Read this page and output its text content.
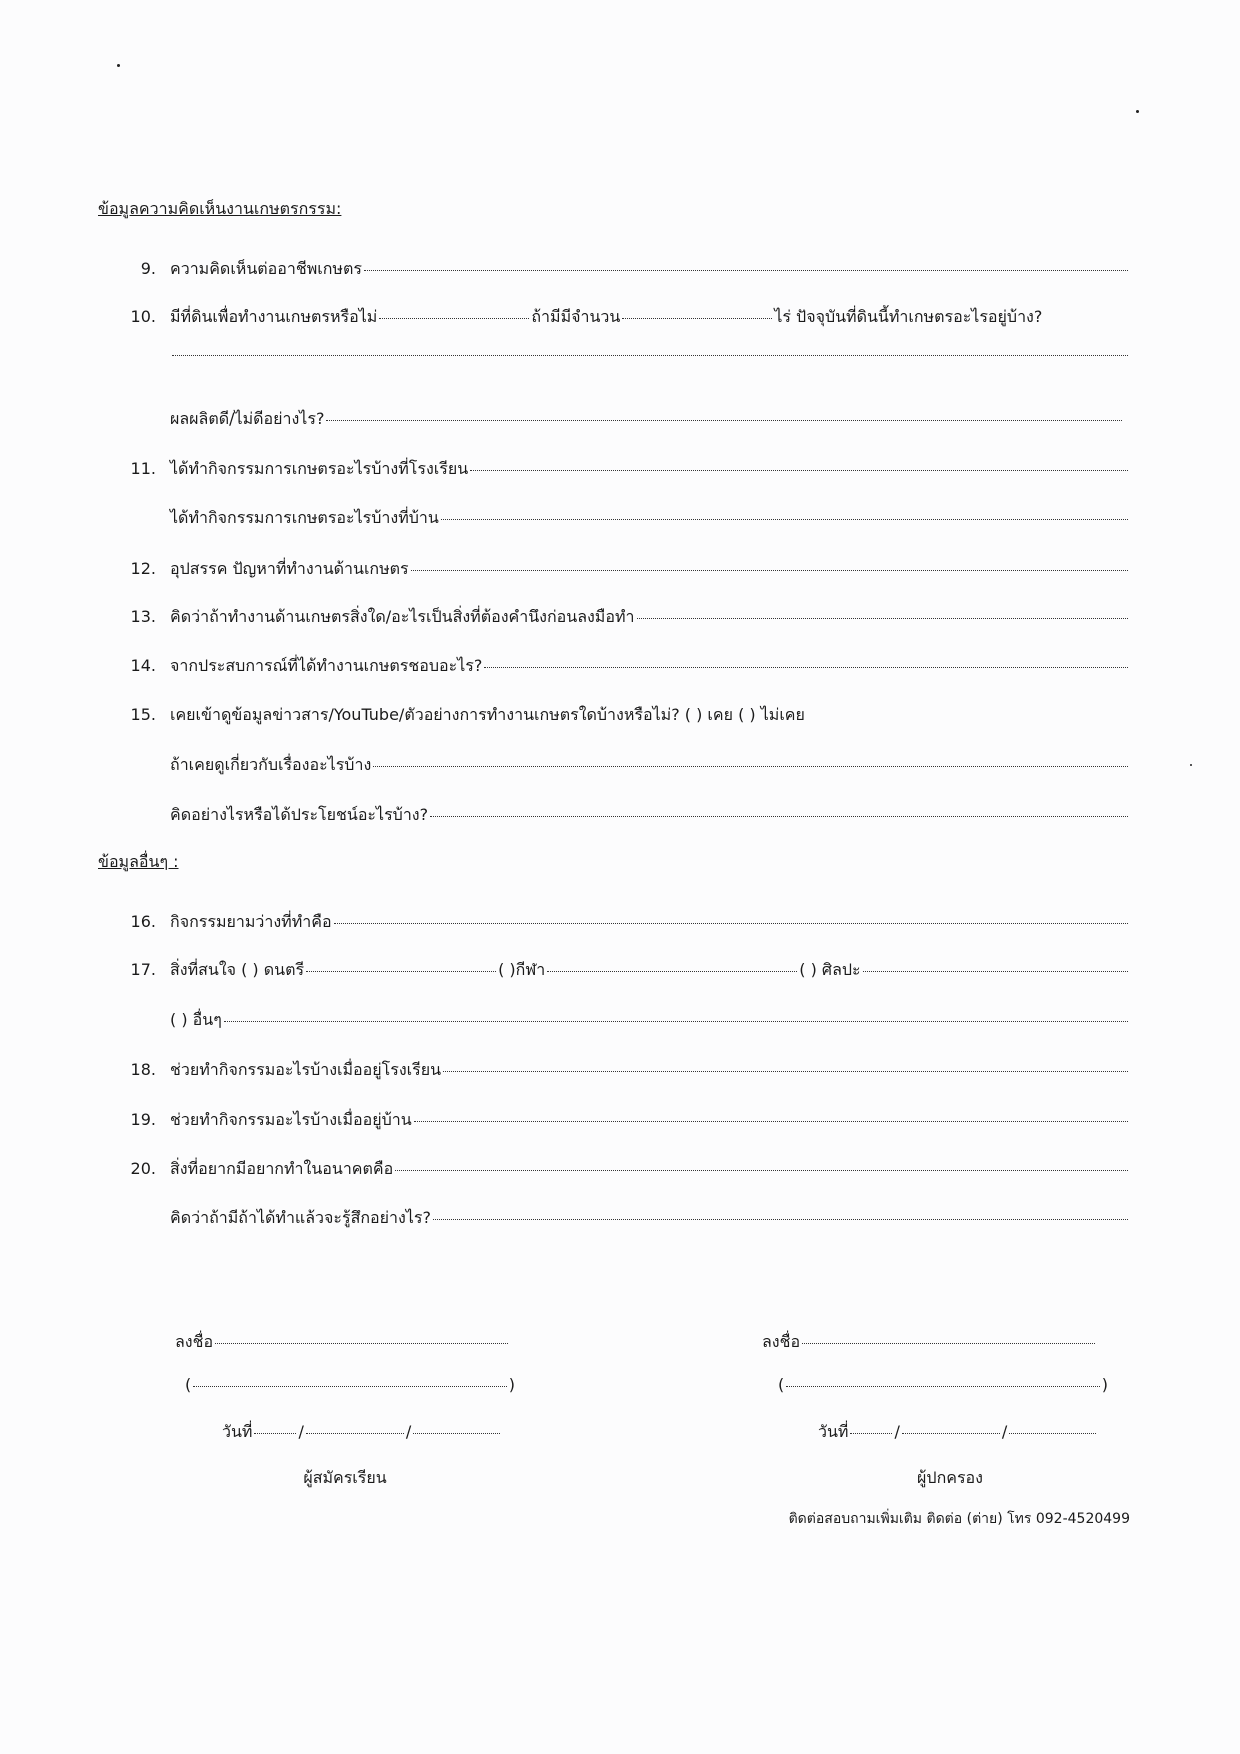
ข้อมูลความคิดเห็นงานเกษตรกรรม:
9. ความคิดเห็นต่ออาชีพเกษตร
10. มีที่ดินเพื่อทำงานเกษตรหรือไม่	ถ้ามีมีจำนวน	ไร่ ปัจจุบันที่ดินนี้ทำเกษตรอะไรอยู่บ้าง?
ผลผลิตดี/ไม่ดีอย่างไร?
11. ได้ทำกิจกรรมการเกษตรอะไรบ้างที่โรงเรียน
ได้ทำกิจกรรมการเกษตรอะไรบ้างที่บ้าน
12. อุปสรรค ปัญหาที่ทำงานด้านเกษตร
13. คิดว่าถ้าทำงานด้านเกษตรสิ่งใด/อะไรเป็นสิ่งที่ต้องคำนึงก่อนลงมือทำ
14. จากประสบการณ์ที่ได้ทำงานเกษตรชอบอะไร?
15. เคยเข้าดูข้อมูลข่าวสาร/YouTube/ตัวอย่างการทำงานเกษตรใดบ้างหรือไม่? ( ) เคย ( ) ไม่เคย
ถ้าเคยดูเกี่ยวกับเรื่องอะไรบ้าง
คิดอย่างไรหรือได้ประโยชน์อะไรบ้าง?
ข้อมูลอื่นๆ :
16. กิจกรรมยามว่างที่ทำคือ
17. สิ่งที่สนใจ ( ) ดนตรี	( )กีฬา	( ) ศิลปะ
( ) อื่นๆ
18. ช่วยทำกิจกรรมอะไรบ้างเมื่ออยู่โรงเรียน
19. ช่วยทำกิจกรรมอะไรบ้างเมื่ออยู่บ้าน
20. สิ่งที่อยากมีอยากทำในอนาคตคือ
คิดว่าถ้ามีถ้าได้ทำแล้วจะรู้สึกอย่างไร?
ลงชื่อ
(	)
วันที่	/	/
ผู้สมัครเรียน
ลงชื่อ
(	)
วันที่	/	/
ผู้ปกครอง
ติดต่อสอบถามเพิ่มเติม ติดต่อ (ต่าย) โทร 092-4520499
